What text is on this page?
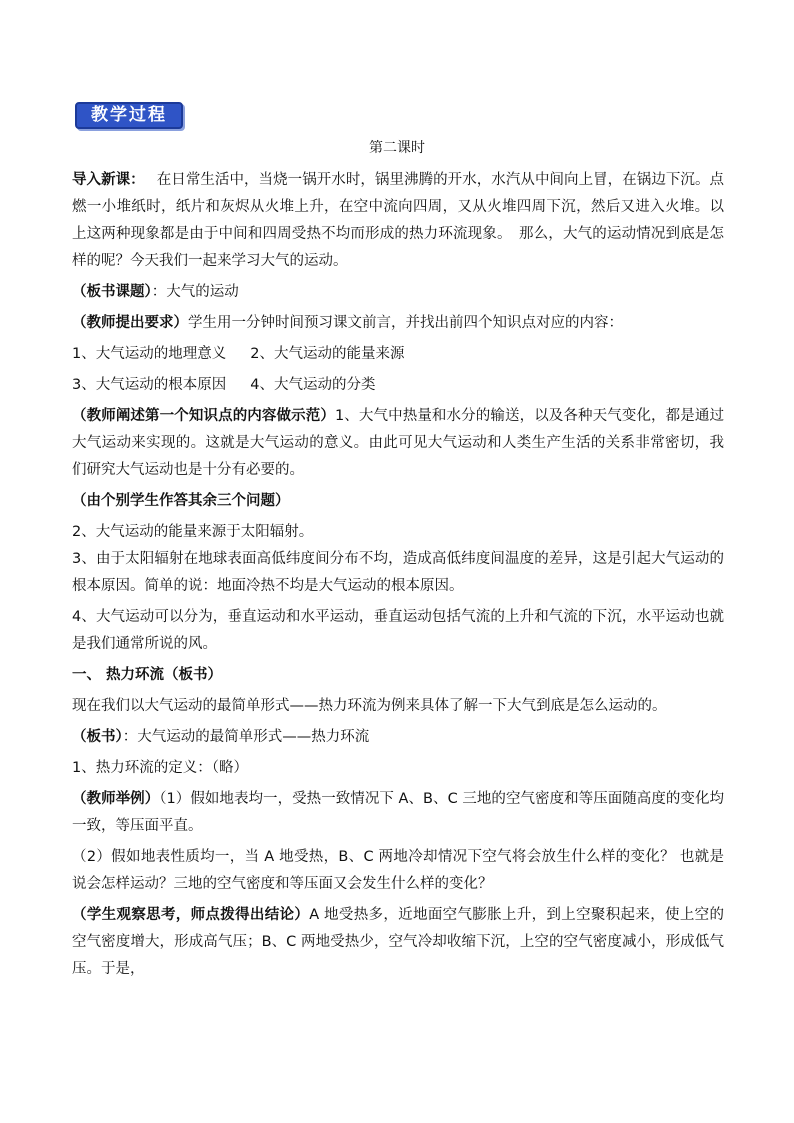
教学过程
第二课时

导入新课： 在日常生活中，当烧一锅开水时，锅里沸腾的开水，水汽从中间向上冒，在锅边下沉。点燃一小堆纸时，纸片和灰烬从火堆上升，在空中流向四周，又从火堆四周下沉，然后又进入火堆。以上这两种现象都是由于中间和四周受热不均而形成的热力环流现象。　那么，大气的运动情况到底是怎样的呢？今天我们一起来学习大气的运动。

（板书课题）：大气的运动

（教师提出要求）学生用一分钟时间预习课文前言，并找出前四个知识点对应的内容：

1、大气运动的地理意义 2、大气运动的能量来源

3、大气运动的根本原因 4、大气运动的分类

（教师阐述第一个知识点的内容做示范）1、大气中热量和水分的输送，以及各种天气变化，都是通过大气运动来实现的。这就是大气运动的意义。由此可见大气运动和人类生产生活的关系非常密切，我们研究大气运动也是十分有必要的。

（由个别学生作答其余三个问题）

2、大气运动的能量来源于太阳辐射。

3、由于太阳辐射在地球表面高低纬度间分布不均，造成高低纬度间温度的差异，这是引起大气运动的根本原因。简单的说：地面冷热不均是大气运动的根本原因。

4、大气运动可以分为，垂直运动和水平运动，垂直运动包括气流的上升和气流的下沉，水平运动也就是我们通常所说的风。

一、 热力环流（板书）

现在我们以大气运动的最简单形式——热力环流为例来具体了解一下大气到底是怎么运动的。

（板书）：大气运动的最简单形式——热力环流

1、热力环流的定义：（略）

（教师举例）（1）假如地表均一，受热一致情况下 A、B、C 三地的空气密度和等压面随高度的变化均一致，等压面平直。

（2）假如地表性质均一，当 A 地受热，B、C 两地冷却情况下空气将会放生什么样的变化？ 也就是说会怎样运动？三地的空气密度和等压面又会发生什么样的变化？

（学生观察思考，师点拨得出结论）A 地受热多，近地面空气膨胀上升，到上空聚积起来，使上空的空气密度增大，形成高气压；B、C 两地受热少，空气冷却收缩下沉，上空的空气密度减小，形成低气压。于是，
